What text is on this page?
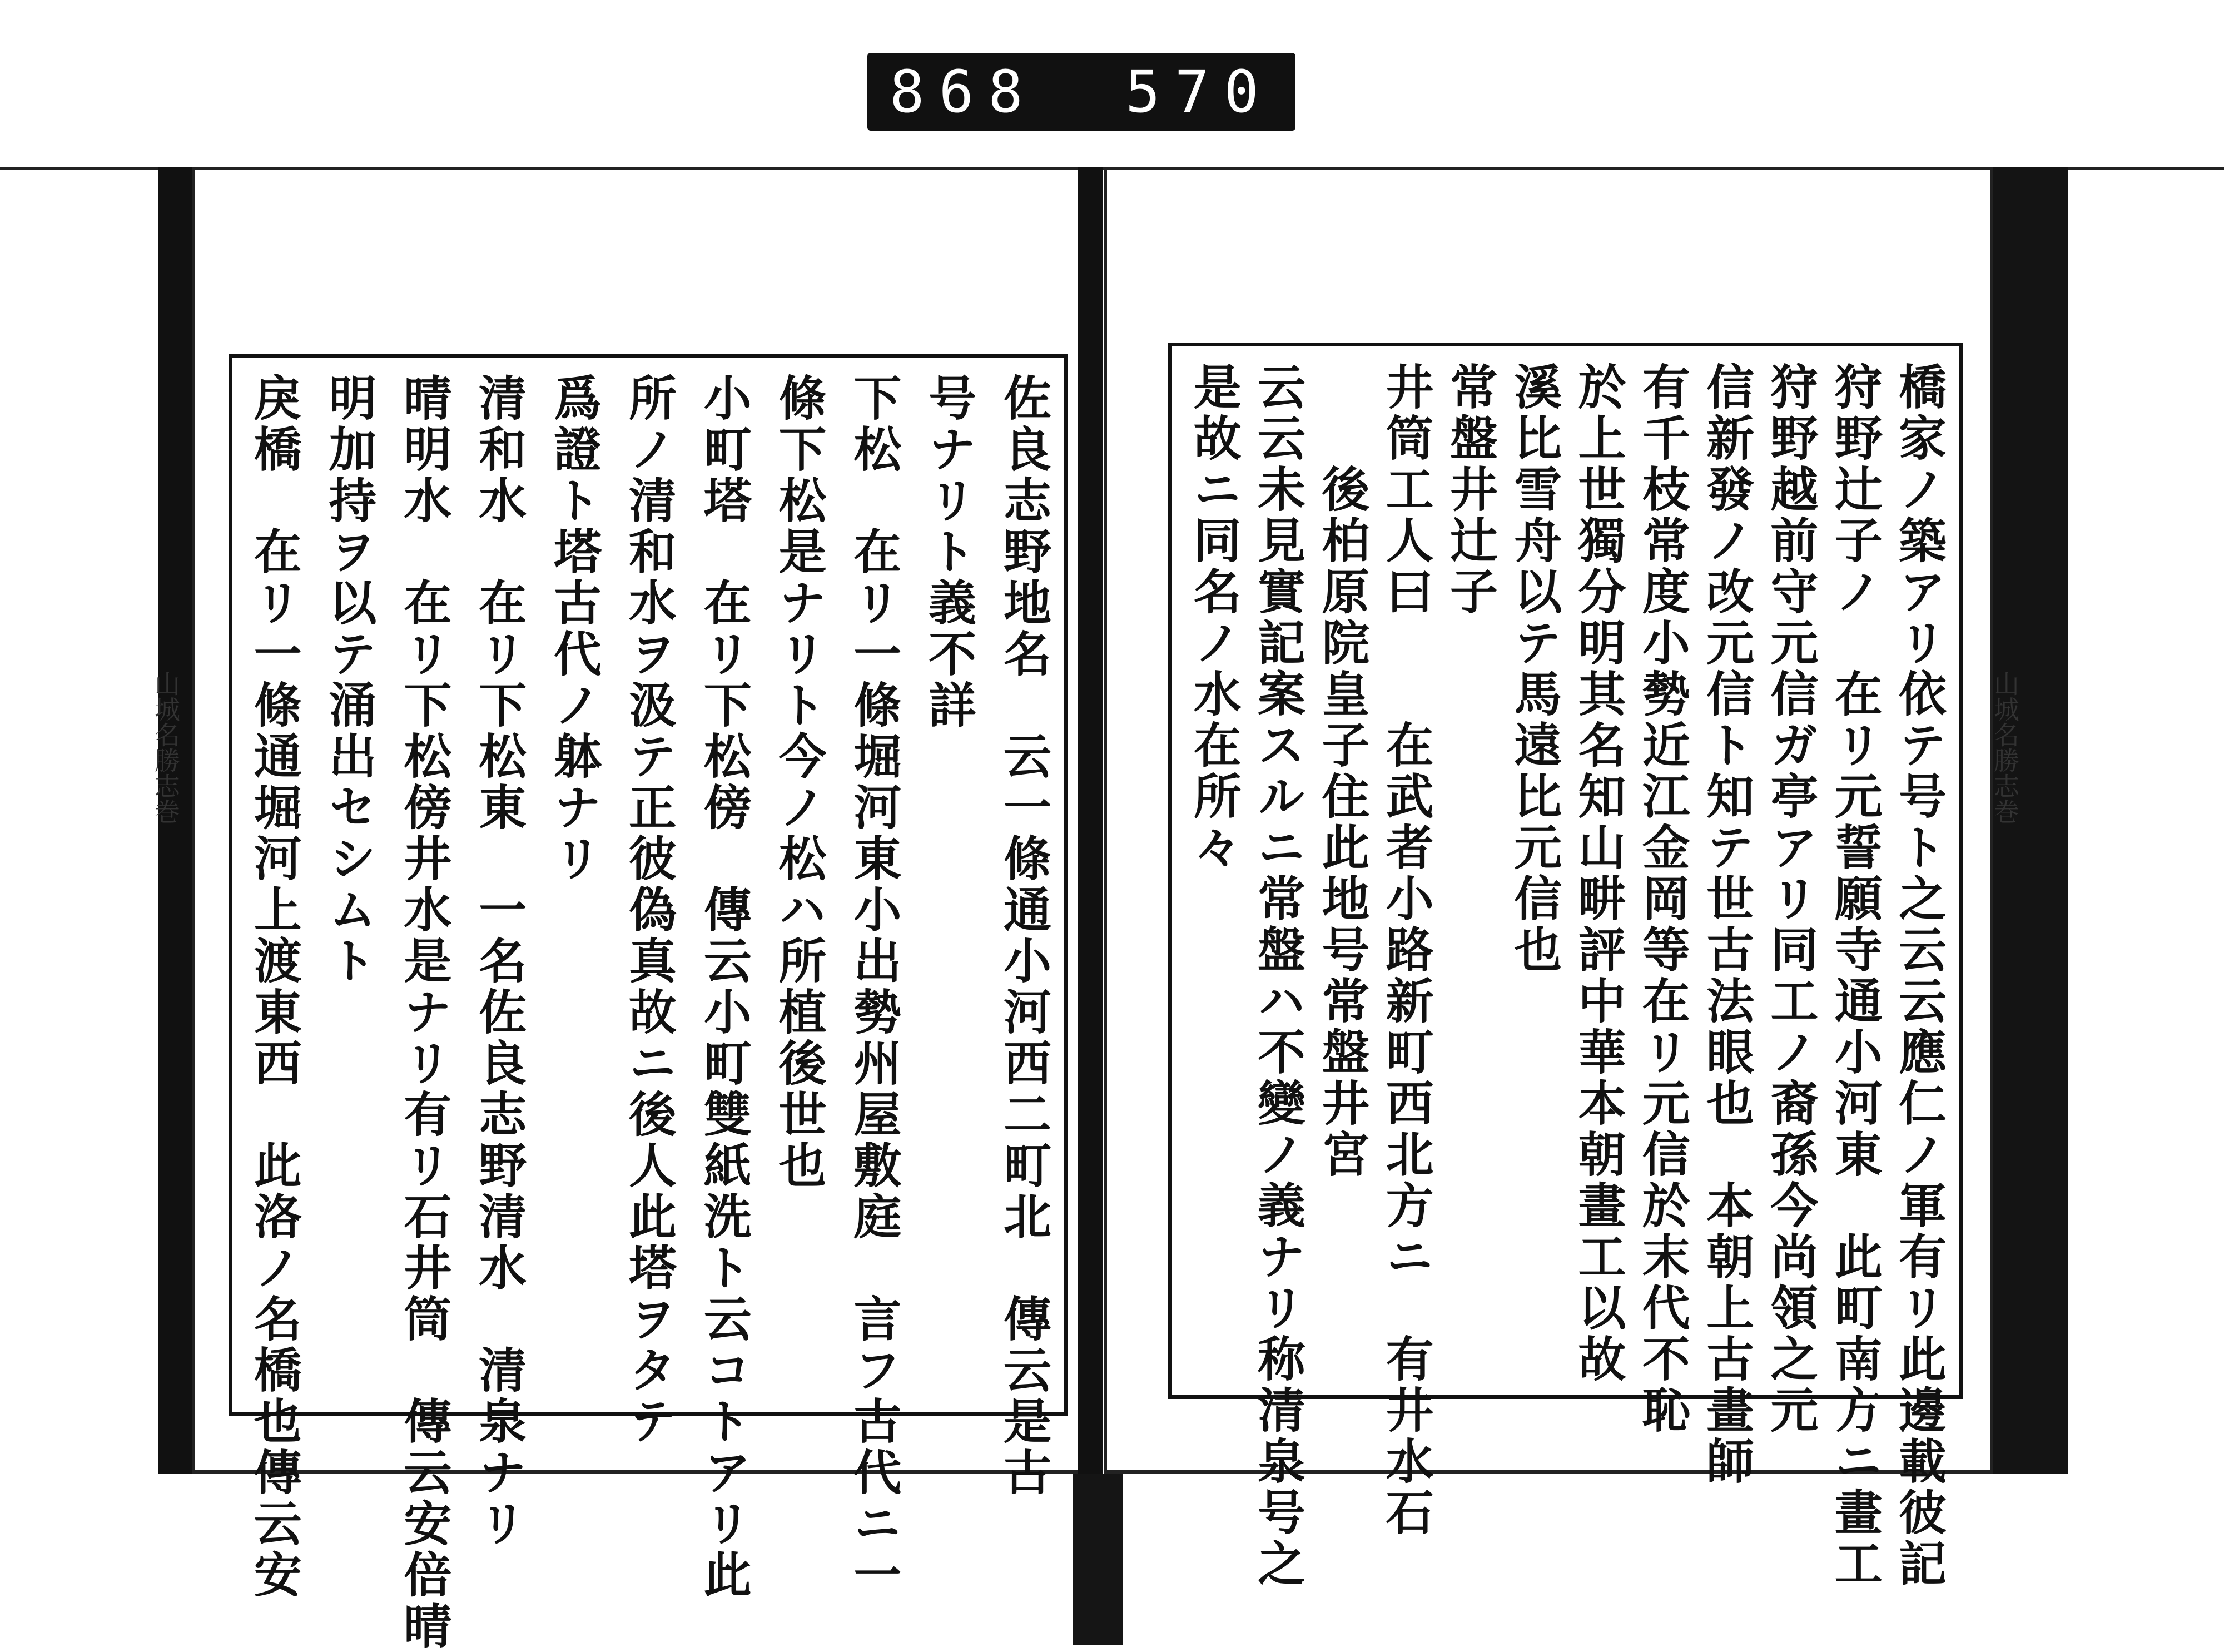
868 570
山城名勝志巻	佐良志野地名　云一條通小河西二町北　傳云是古
号ナリト義不詳
下松　在リ一條堀河東小出勢州屋敷庭　言フ古代ニ一
條下松是ナリト今ノ松ハ所植後世也
小町塔　在リ下松傍　傳云小町雙紙洗ト云コトアリ此
所ノ清和水ヲ汲テ正彼偽真故ニ後人此塔ヲタテ
爲證ト塔古代ノ躰ナリ
清和水　在リ下松東　一名佐良志野清水　清泉ナリ
晴明水　在リ下松傍井水是ナリ有リ石井筒　傳云安倍晴
明加持ヲ以テ涌出セシムト
戾橋　在リ一條通堀河上渡東西　此洛ノ名橋也傳云安	山城名勝志巻
橋家ノ築アリ依テ号ト之云云應仁ノ軍有リ此邊載彼記
狩野辻子ノ　在リ元誓願寺通小河東　此町南方ニ畫工
狩野越前守元信ガ亭アリ同工ノ裔孫今尚領之元
信新發ノ改元信ト知テ世古法眼也　本朝上古畫師
有千枝常度小勢近江金岡等在リ元信於末代不恥
於上世獨分明其名知山畊評中華本朝畫工以故
溪比雪舟以テ馬遠比元信也
常盤井辻子
井筒工人曰　　在武者小路新町西北方ニ　有井水石
　　後柏原院皇子住此地号常盤井宮
云云未見實記案スルニ常盤ハ不變ノ義ナリ称清泉号之
是故ニ同名ノ水在所々
